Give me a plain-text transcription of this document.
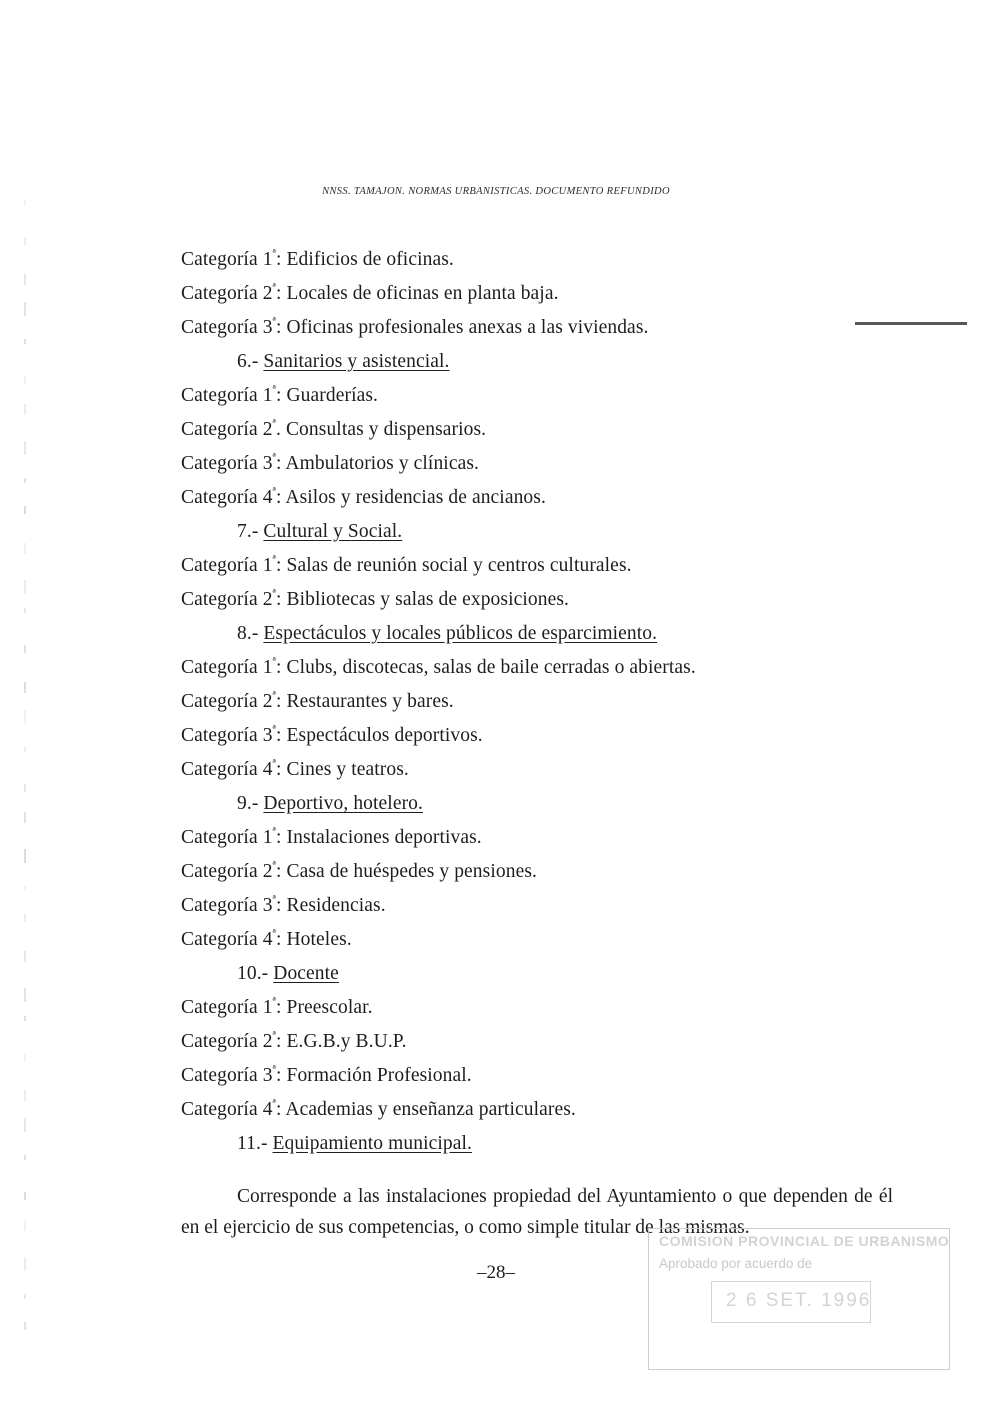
NNSS. TAMAJON. NORMAS URBANISTICAS. DOCUMENTO REFUNDIDO
Categoría $1^ª$: Edificios de oficinas.
Categoría $2^ª$: Locales de oficinas en planta baja.
Categoría $3^ª$: Oficinas profesionales anexas a las viviendas.
6.- Sanitarios y asistencial.
Categoría $1^ª$: Guarderías.
Categoría $2^ª$. Consultas y dispensarios.
Categoría $3^ª$: Ambulatorios y clínicas.
Categoría $4^ª$: Asilos y residencias de ancianos.
7.- Cultural y Social.
Categoría $1^ª$: Salas de reunión social y centros culturales.
Categoría $2^ª$: Bibliotecas y salas de exposiciones.
8.- Espectáculos y locales públicos de esparcimiento.
Categoría $1^ª$: Clubs, discotecas, salas de baile cerradas o abiertas.
Categoría $2^ª$: Restaurantes y bares.
Categoría $3^ª$: Espectáculos deportivos.
Categoría $4^ª$: Cines y teatros.
9.- Deportivo, hotelero.
Categoría $1^ª$: Instalaciones deportivas.
Categoría $2^ª$: Casa de huéspedes y pensiones.
Categoría $3^ª$: Residencias.
Categoría $4^ª$: Hoteles.
10.- Docente
Categoría $1^ª$: Preescolar.
Categoría $2^ª$: E.G.B.y B.U.P.
Categoría $3^ª$: Formación Profesional.
Categoría $4^ª$: Academias y enseñanza particulares.
11.- Equipamiento municipal.
Corresponde a las instalaciones propiedad del Ayuntamiento o que dependen de él en el ejercicio de sus competencias, o como simple titular de las mismas.
–28–
COMISION PROVINCIAL DE URBANISMO
Aprobado por acuerdo de
2 6 SET. 1996
